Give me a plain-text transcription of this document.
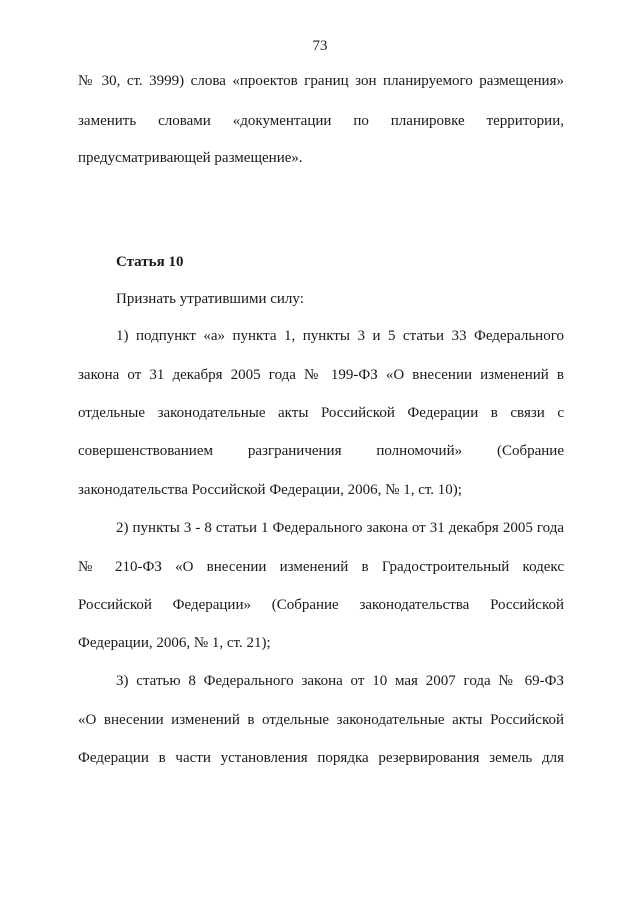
73
№ 30, ст. 3999) слова «проектов границ зон планируемого размещения»
заменить словами «документации по планировке территории,
предусматривающей размещение».
Статья 10
Признать утратившими силу:
1) подпункт «а» пункта 1, пункты 3 и 5 статьи 33 Федерального
закона от 31 декабря 2005 года № 199-ФЗ «О внесении изменений в
отдельные законодательные акты Российской Федерации в связи с
совершенствованием разграничения полномочий» (Собрание
законодательства Российской Федерации, 2006, № 1, ст. 10);
2) пункты 3 - 8 статьи 1 Федерального закона от 31 декабря 2005 года
№ 210-ФЗ «О внесении изменений в Градостроительный кодекс
Российской Федерации» (Собрание законодательства Российской
Федерации, 2006, № 1, ст. 21);
3) статью 8 Федерального закона от 10 мая 2007 года № 69-ФЗ
«О внесении изменений в отдельные законодательные акты Российской
Федерации в части установления порядка резервирования земель для
